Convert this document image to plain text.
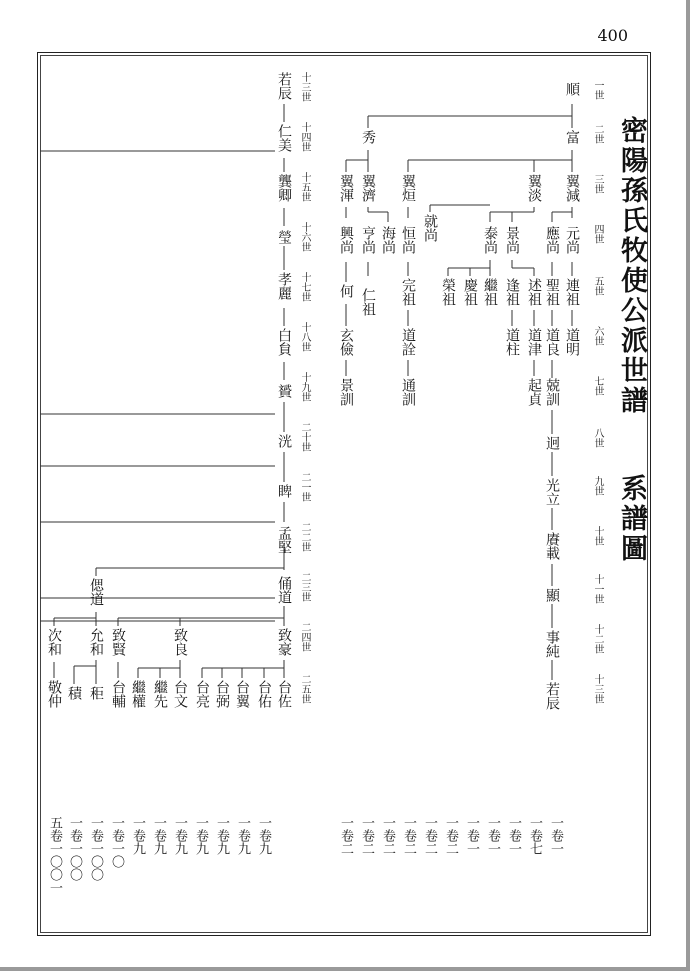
400
密陽孫氏牧使公派世譜
系譜圖
一世
二世
三世
四世
五世
六世
七世
八世
九世
十世
十一世
十二世
十三世
十三世
十四世
十五世
十六世
十七世
十八世
十九世
二十世
二一世
二二世
二三世
二四世
二五世
順
富
秀
翼減
翼淡
翼烜
翼濟
翼渾
元尚
應尚
景尚
泰尚
就尚
恒尚
海尚
亨尚
興尚
連祖
聖祖
述祖
逢祖
繼祖
慶祖
榮祖
完祖
仁祖
何
道明
道良
道津
道柱
道詮
玄儉
兢訓
起貞
通訓
景訓
迥
光立
賡載
顯
事純
若辰
若辰
仁美
龔卿
瑩
孝麗
白貟
贇
洸
睥
孟堅
俑道
偲道
次和 允和 致賢	致良	致豪
敬仲 積 秬 台輔 繼權 繼先 台文 台亮 台弼 台翼 台佑 台佐
五卷一〇〇一 一卷一〇〇 一卷一〇〇 一卷一〇 一卷九 一卷九 一卷九 一卷九 一卷九 一卷九 一卷九	一卷二 一卷二 一卷二 一卷二 一卷二 一卷二 一卷一 一卷一 一卷一 一卷七 一卷一
